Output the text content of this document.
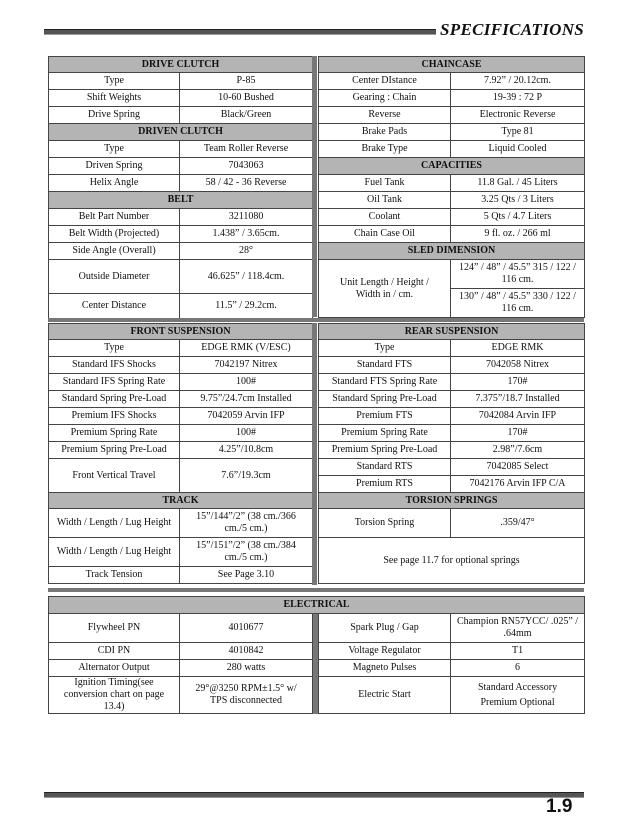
SPECIFICATIONS
DRIVE CLUTCH	
Type	P-85
Shift Weights	10-60 Bushed
Drive Spring	Black/Green
DRIVEN CLUTCH	
Type	Team Roller Reverse
Driven Spring	7043063
Helix Angle	58 / 42 - 36 Reverse
BELT	
Belt Part Number	3211080
Belt Width (Projected)	1.438” / 3.65cm.
Side Angle (Overall)	28°
Outside Diameter	46.625” / 118.4cm.
Center Distance	11.5” / 29.2cm.
CHAINCASE	
Center DIstance	7.92” / 20.12cm.
Gearing : Chain	19-39 : 72 P
Reverse	Electronic Reverse
Brake Pads	Type 81
Brake Type	Liquid Cooled
CAPACITIES	
Fuel Tank	11.8 Gal. / 45 Liters
Oil Tank	3.25 Qts / 3 Liters
Coolant	5 Qts / 4.7 Liters
Chain Case Oil	9 fl. oz. / 266 ml
SLED DIMENSION	
Unit Length / Height / Width in / cm.	124” / 48” / 45.5” 315 / 122 / 116 cm.
	130” / 48” / 45.5” 330 / 122 / 116 cm.
FRONT SUSPENSION	
Type	EDGE RMK (V/ESC)
Standard IFS Shocks	7042197 Nitrex
Standard IFS Spring Rate	100#
Standard Spring Pre-Load	9.75”/24.7cm Installed
Premium IFS Shocks	7042059 Arvin IFP
Premium Spring Rate	100#
Premium Spring Pre-Load	4.25”/10.8cm
Front Vertical Travel	7.6”/19.3cm
TRACK	
Width / Length / Lug Height	15”/144”/2” (38 cm./366 cm./5 cm.)
Width / Length / Lug Height	15”/151”/2” (38 cm./384 cm./5 cm.)
Track Tension	See Page 3.10
REAR SUSPENSION	
Type	EDGE RMK
Standard FTS	7042058 Nitrex
Standard FTS Spring Rate	170#
Standard Spring Pre-Load	7.375”/18.7 Installed
Premium FTS	7042084 Arvin IFP
Premium Spring Rate	170#
Premium Spring Pre-Load	2.98”/7.6cm
Standard RTS	7042085 Select
Premium RTS	7042176 Arvin IFP C/A
TORSION SPRINGS	
Torsion Spring	.359/47°
See page 11.7 for optional springs	
ELECTRICAL				
Flywheel PN	4010677		Spark Plug / Gap	Champion RN57YCC/ .025” / .64mm
CDI PN	4010842		Voltage Regulator	T1
Alternator Output	280 watts		Magneto Pulses	6
Ignition Timing(see conversion chart on page 13.4)	29°@3250 RPM±1.5° w/ TPS disconnected		Electric Start	Standard Accessory
Premium Optional
1.9
